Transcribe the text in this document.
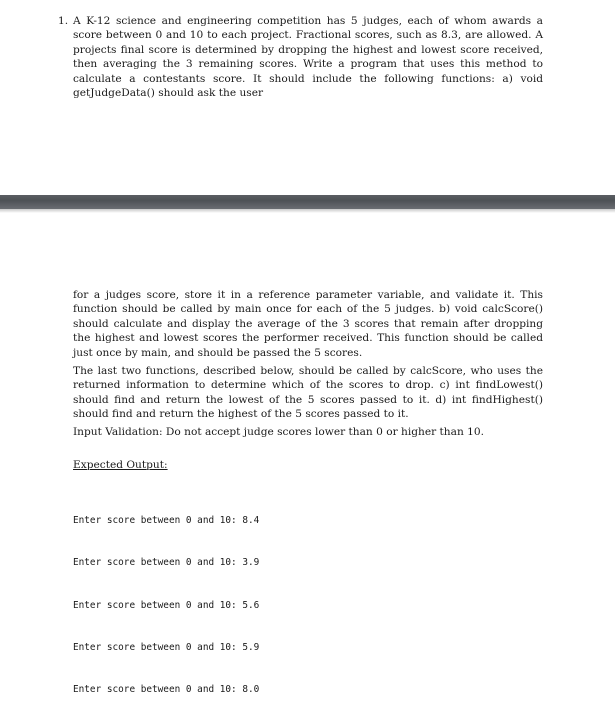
1. A K-12 science and engineering competition has 5 judges, each of whom awards a score between 0 and 10 to each project. Fractional scores, such as 8.3, are allowed. A projects final score is determined by dropping the highest and lowest score received, then averaging the 3 remaining scores. Write a program that uses this method to calculate a contestants score. It should include the following functions: a) void getJudgeData() should ask the user
for a judges score, store it in a reference parameter variable, and validate it. This function should be called by main once for each of the 5 judges. b) void calcScore() should calculate and display the average of the 3 scores that remain after dropping the highest and lowest scores the performer received. This function should be called just once by main, and should be passed the 5 scores.
The last two functions, described below, should be called by calcScore, who uses the returned information to determine which of the scores to drop. c) int findLowest() should find and return the lowest of the 5 scores passed to it. d) int findHighest() should find and return the highest of the 5 scores passed to it.
Input Validation: Do not accept judge scores lower than 0 or higher than 10.
Expected Output:

Enter score between 0 and 10: 8.4

Enter score between 0 and 10: 3.9

Enter score between 0 and 10: 5.6

Enter score between 0 and 10: 5.9

Enter score between 0 and 10: 8.0
